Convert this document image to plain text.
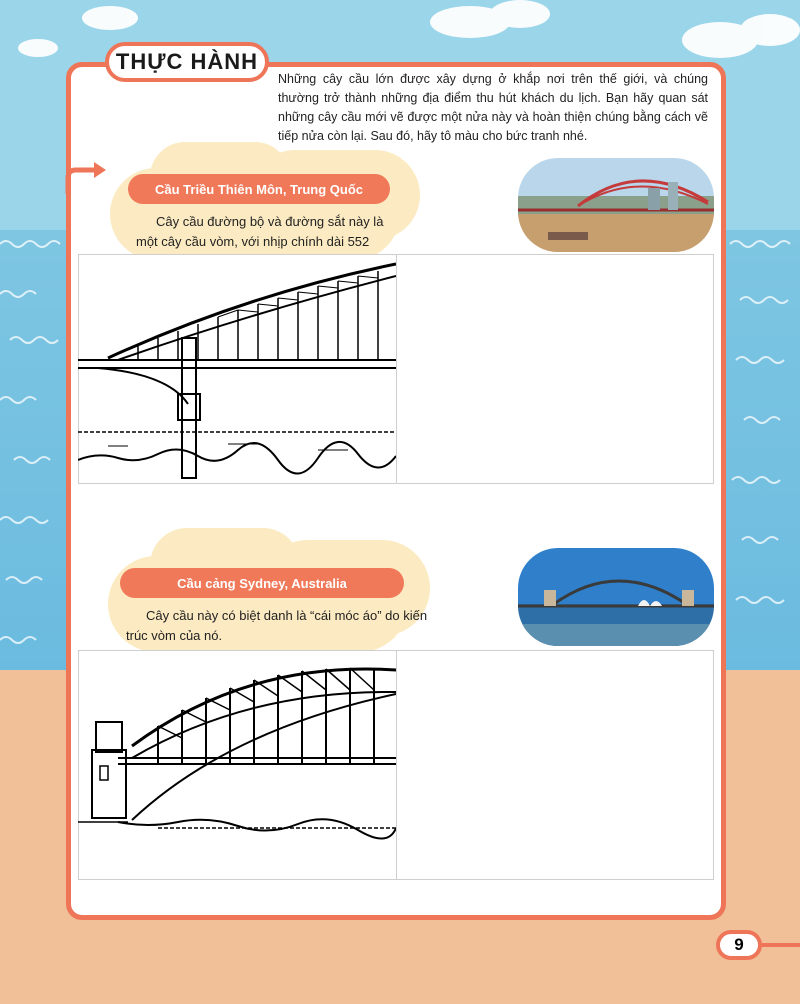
THỰC HÀNH
Những cây cầu lớn được xây dựng ở khắp nơi trên thế giới, và chúng thường trở thành những địa điểm thu hút khách du lịch. Bạn hãy quan sát những cây cầu mới vẽ được một nửa này và hoàn thiện chúng bằng cách vẽ tiếp nửa còn lại. Sau đó, hãy tô màu cho bức tranh nhé.
Cầu Triều Thiên Môn, Trung Quốc
Cây cầu đường bộ và đường sắt này là một cây cầu vòm, với nhịp chính dài 552
Cầu cảng Sydney, Australia
Cây cầu này có biệt danh là “cái móc áo” do kiến trúc vòm của nó.
9
